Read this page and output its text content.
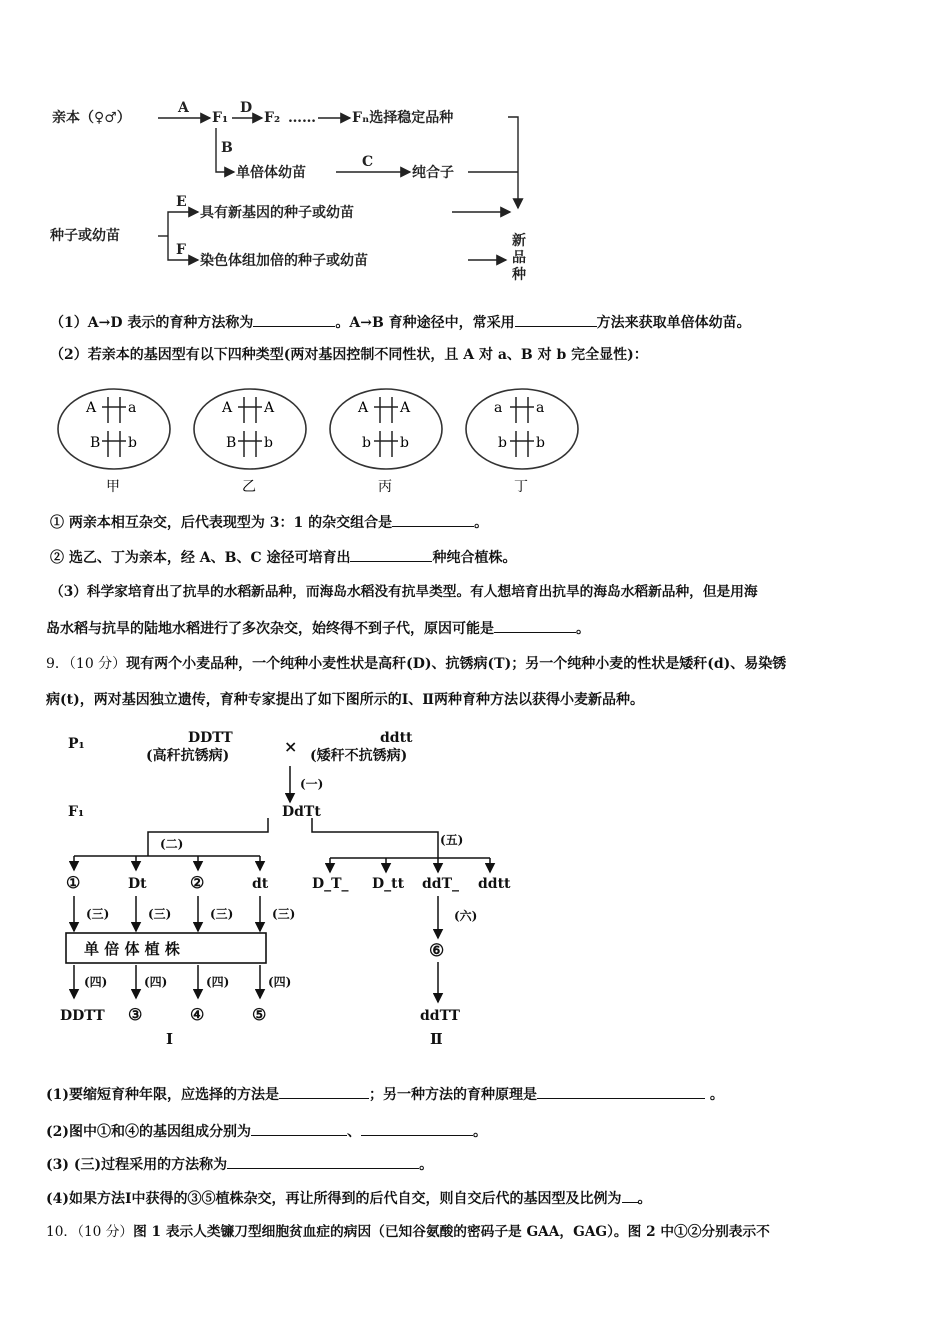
亲本（♀♂）
A
F₁
D
F₂ ……	Fₙ选择稳定品种
B
单倍体幼苗
C
纯合子
种子或幼苗
E
F
具有新基因的种子或幼苗
染色体组加倍的种子或幼苗
新
品
种
（1）A→D 表示的育种方法称为	。A→B 育种途径中，常采用	方法来获取单倍体幼苗。
（2）若亲本的基因型有以下四种类型(两对基因控制不同性状，且 A 对 a、B 对 b 完全显性)：
A a
B b
甲
A A
B b
乙
A A
b b
丙
a a
b b
丁
① 两亲本相互杂交，后代表现型为 3：1 的杂交组合是	。
② 选乙、丁为亲本，经 A、B、C 途径可培育出	种纯合植株。
（3）科学家培育出了抗旱的水稻新品种，而海岛水稻没有抗旱类型。有人想培育出抗旱的海岛水稻新品种，但是用海
岛水稻与抗旱的陆地水稻进行了多次杂交，始终得不到子代，原因可能是	。
9．（10 分）现有两个小麦品种，一个纯种小麦性状是高秆(D)、抗锈病(T)；另一个纯种小麦的性状是矮秆(d)、易染锈
病(t)，两对基因独立遗传，育种专家提出了如下图所示的Ⅰ、Ⅱ两种育种方法以获得小麦新品种。
P₁	DDTT
(高秆抗锈病)	×	ddtt
(矮秆不抗锈病)
(一)
F₁	DdTt
(二)
①	Dt	②	dt
(三)	(三)	(三)	(三)
单 倍 体 植 株
(四)	(四)	(四)	(四)
DDTT ③	④	⑤
Ⅰ
(五)
D_T_ D_tt ddT_ ddtt
(六)
⑥
ddTT
Ⅱ
(1)要缩短育种年限，应选择的方法是	；另一种方法的育种原理是	。
(2)图中①和④的基因组成分别为	、	。
(3) (三)过程采用的方法称为	。
(4)如果方法Ⅰ中获得的③⑤植株杂交，再让所得到的后代自交，则自交后代的基因型及比例为 。
10．（10 分）图 1 表示人类镰刀型细胞贫血症的病因（已知谷氨酸的密码子是 GAA，GAG）。图 2 中①②分别表示不
